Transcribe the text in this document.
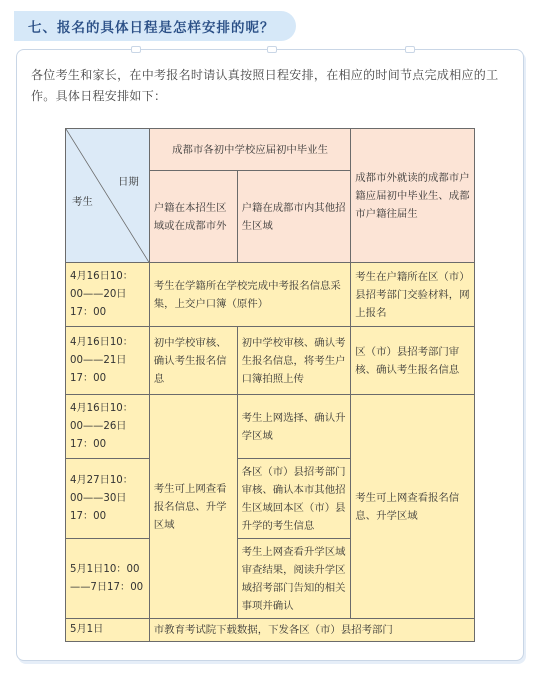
七、报名的具体日程是怎样安排的呢？

各位考生和家长，在中考报名时请认真按照日程安排，在相应的时间节点完成相应的工作。具体日程安排如下：

日期
考生	成都市各初中学校应届初中毕业生		成都市外就读的成都市户籍应届初中毕业生、成都市户籍往届生
	户籍在本招生区域或在成都市外	户籍在成都市内其他招生区域	
4月16日10：00——20日17：00	考生在学籍所在学校完成中考报名信息采集，上交户口簿（原件）		考生在户籍所在区（市）县招考部门交验材料，网上报名
4月16日10：00——21日17：00	初中学校审核、确认考生报名信息	初中学校审核、确认考生报名信息，将考生户口簿拍照上传	区（市）县招考部门审核、确认考生报名信息
4月16日10：00——26日17：00	考生可上网查看报名信息、升学区域	考生上网选择、确认升学区域	考生可上网查看报名信息、升学区域
4月27日10：00——30日17：00		各区（市）县招考部门审核、确认本市其他招生区域回本区（市）县升学的考生信息	
5月1日10：00——7日17：00		考生上网查看升学区域审查结果，阅读升学区域招考部门告知的相关事项并确认	
5月1日	市教育考试院下载数据，下发各区（市）县招考部门		
